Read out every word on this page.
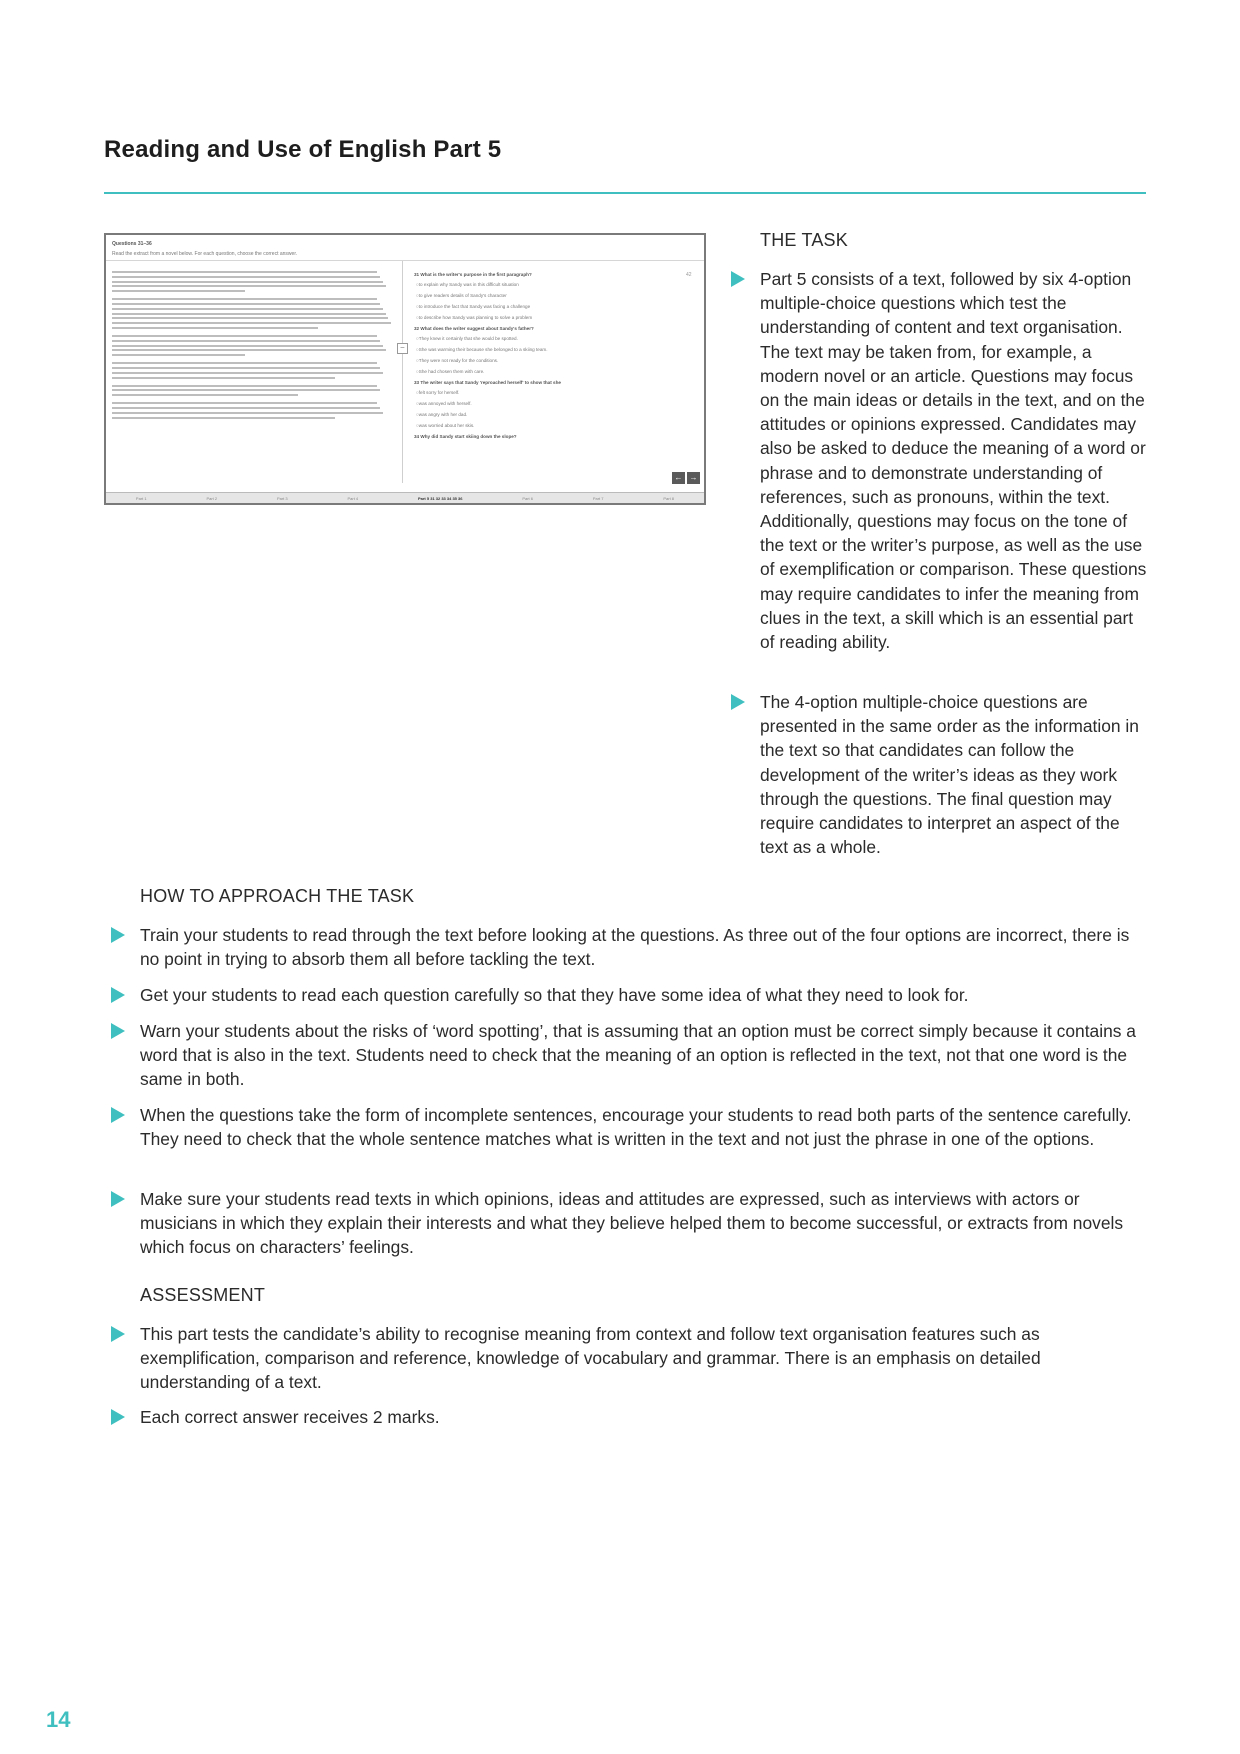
Reading and Use of English Part 5
Questions 31–36
Read the extract from a novel below. For each question, choose the correct answer.
–
31 What is the writer's purpose in the first paragraph?
○ to explain why Sandy was in this difficult situation
○ to give readers details of Sandy's character
○ to introduce the fact that Sandy was facing a challenge
○ to describe how Sandy was planning to solve a problem
32 What does the writer suggest about Sandy's father?
○ They knew it certainly that she would be spotted.
○ She was warming their because she belonged to a skiing team.
○ They were not ready for the conditions.
○ She had chosen them with care.
33 The writer says that Sandy 'reproached herself' to show that she
○ felt sorry for herself.
○ was annoyed with herself.
○ was angry with her dad.
○ was worried about her skis.
34 Why did Sandy start skiing down the slope?
42
← →
Part 1	Part 2	Part 3	Part 4	Part 5 31 32 33 34 35 36	Part 6	Part 7	Part 8
THE TASK
Part 5 consists of a text, followed by six 4-option multiple-choice questions which test the understanding of content and text organisation. The text may be taken from, for example, a modern novel or an article. Questions may focus on the main ideas or details in the text, and on the attitudes or opinions expressed. Candidates may also be asked to deduce the meaning of a word or phrase and to demonstrate understanding of references, such as pronouns, within the text. Additionally, questions may focus on the tone of the text or the writer’s purpose, as well as the use of exemplification or comparison. These questions may require candidates to infer the meaning from clues in the text, a skill which is an essential part of reading ability.
The 4-option multiple-choice questions are presented in the same order as the information in the text so that candidates can follow the development of the writer’s ideas as they work through the questions. The final question may require candidates to interpret an aspect of the text as a whole.
HOW TO APPROACH THE TASK
Train your students to read through the text before looking at the questions. As three out of the four options are incorrect, there is no point in trying to absorb them all before tackling the text.
Get your students to read each question carefully so that they have some idea of what they need to look for.
Warn your students about the risks of ‘word spotting’, that is assuming that an option must be correct simply because it contains a word that is also in the text. Students need to check that the meaning of an option is reflected in the text, not that one word is the same in both.
When the questions take the form of incomplete sentences, encourage your students to read both parts of the sentence carefully. They need to check that the whole sentence matches what is written in the text and not just the phrase in one of the options.
Make sure your students read texts in which opinions, ideas and attitudes are expressed, such as interviews with actors or musicians in which they explain their interests and what they believe helped them to become successful, or extracts from novels which focus on characters’ feelings.
ASSESSMENT
This part tests the candidate’s ability to recognise meaning from context and follow text organisation features such as exemplification, comparison and reference, knowledge of vocabulary and grammar. There is an emphasis on detailed understanding of a text.
Each correct answer receives 2 marks.
14
